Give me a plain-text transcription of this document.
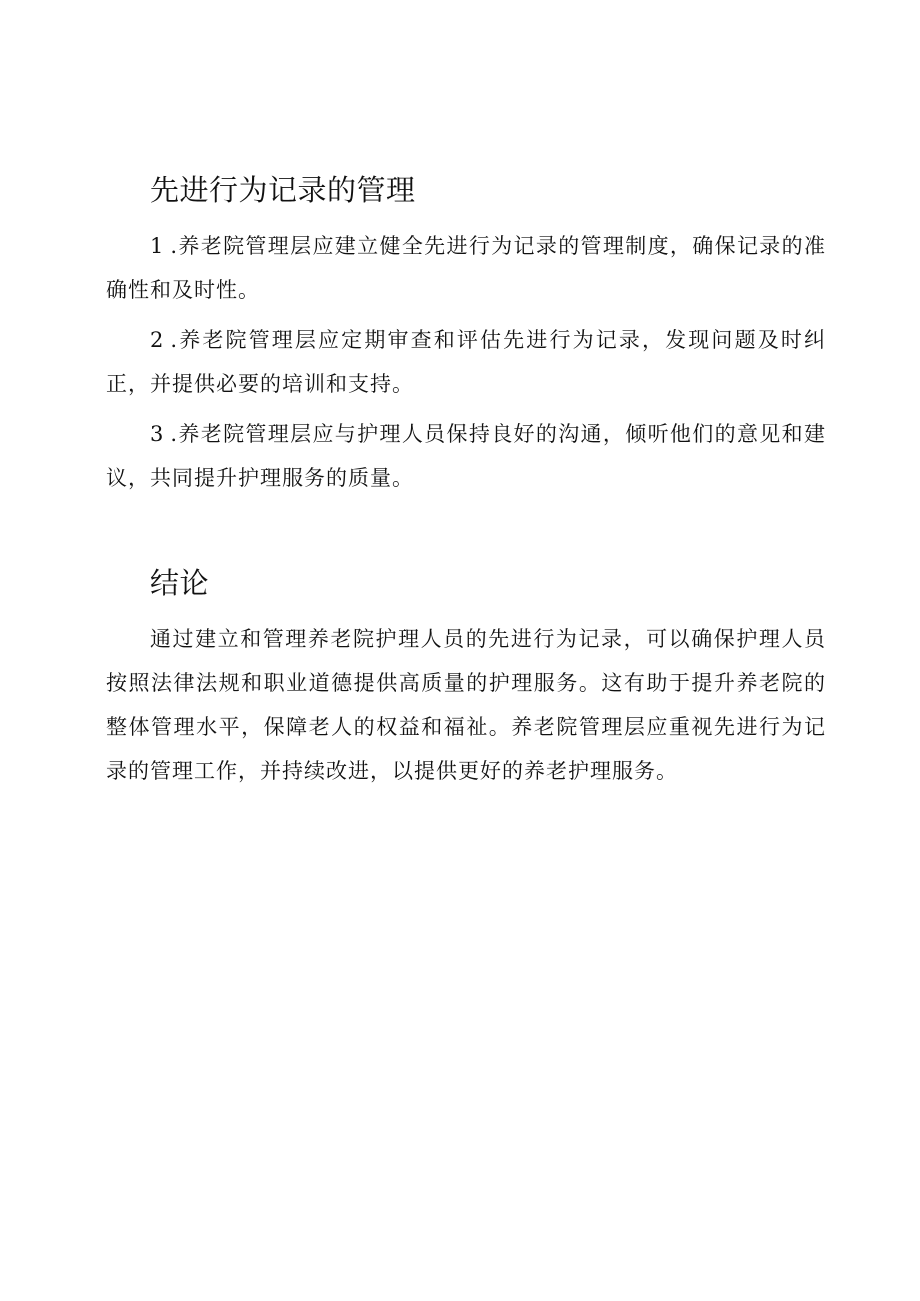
先进行为记录的管理

1 .养老院管理层应建立健全先进行为记录的管理制度，确保记录的准确性和及时性。

2 .养老院管理层应定期审查和评估先进行为记录，发现问题及时纠正，并提供必要的培训和支持。

3 .养老院管理层应与护理人员保持良好的沟通，倾听他们的意见和建议，共同提升护理服务的质量。

结论

通过建立和管理养老院护理人员的先进行为记录，可以确保护理人员按照法律法规和职业道德提供高质量的护理服务。这有助于提升养老院的整体管理水平，保障老人的权益和福祉。养老院管理层应重视先进行为记录的管理工作，并持续改进，以提供更好的养老护理服务。
